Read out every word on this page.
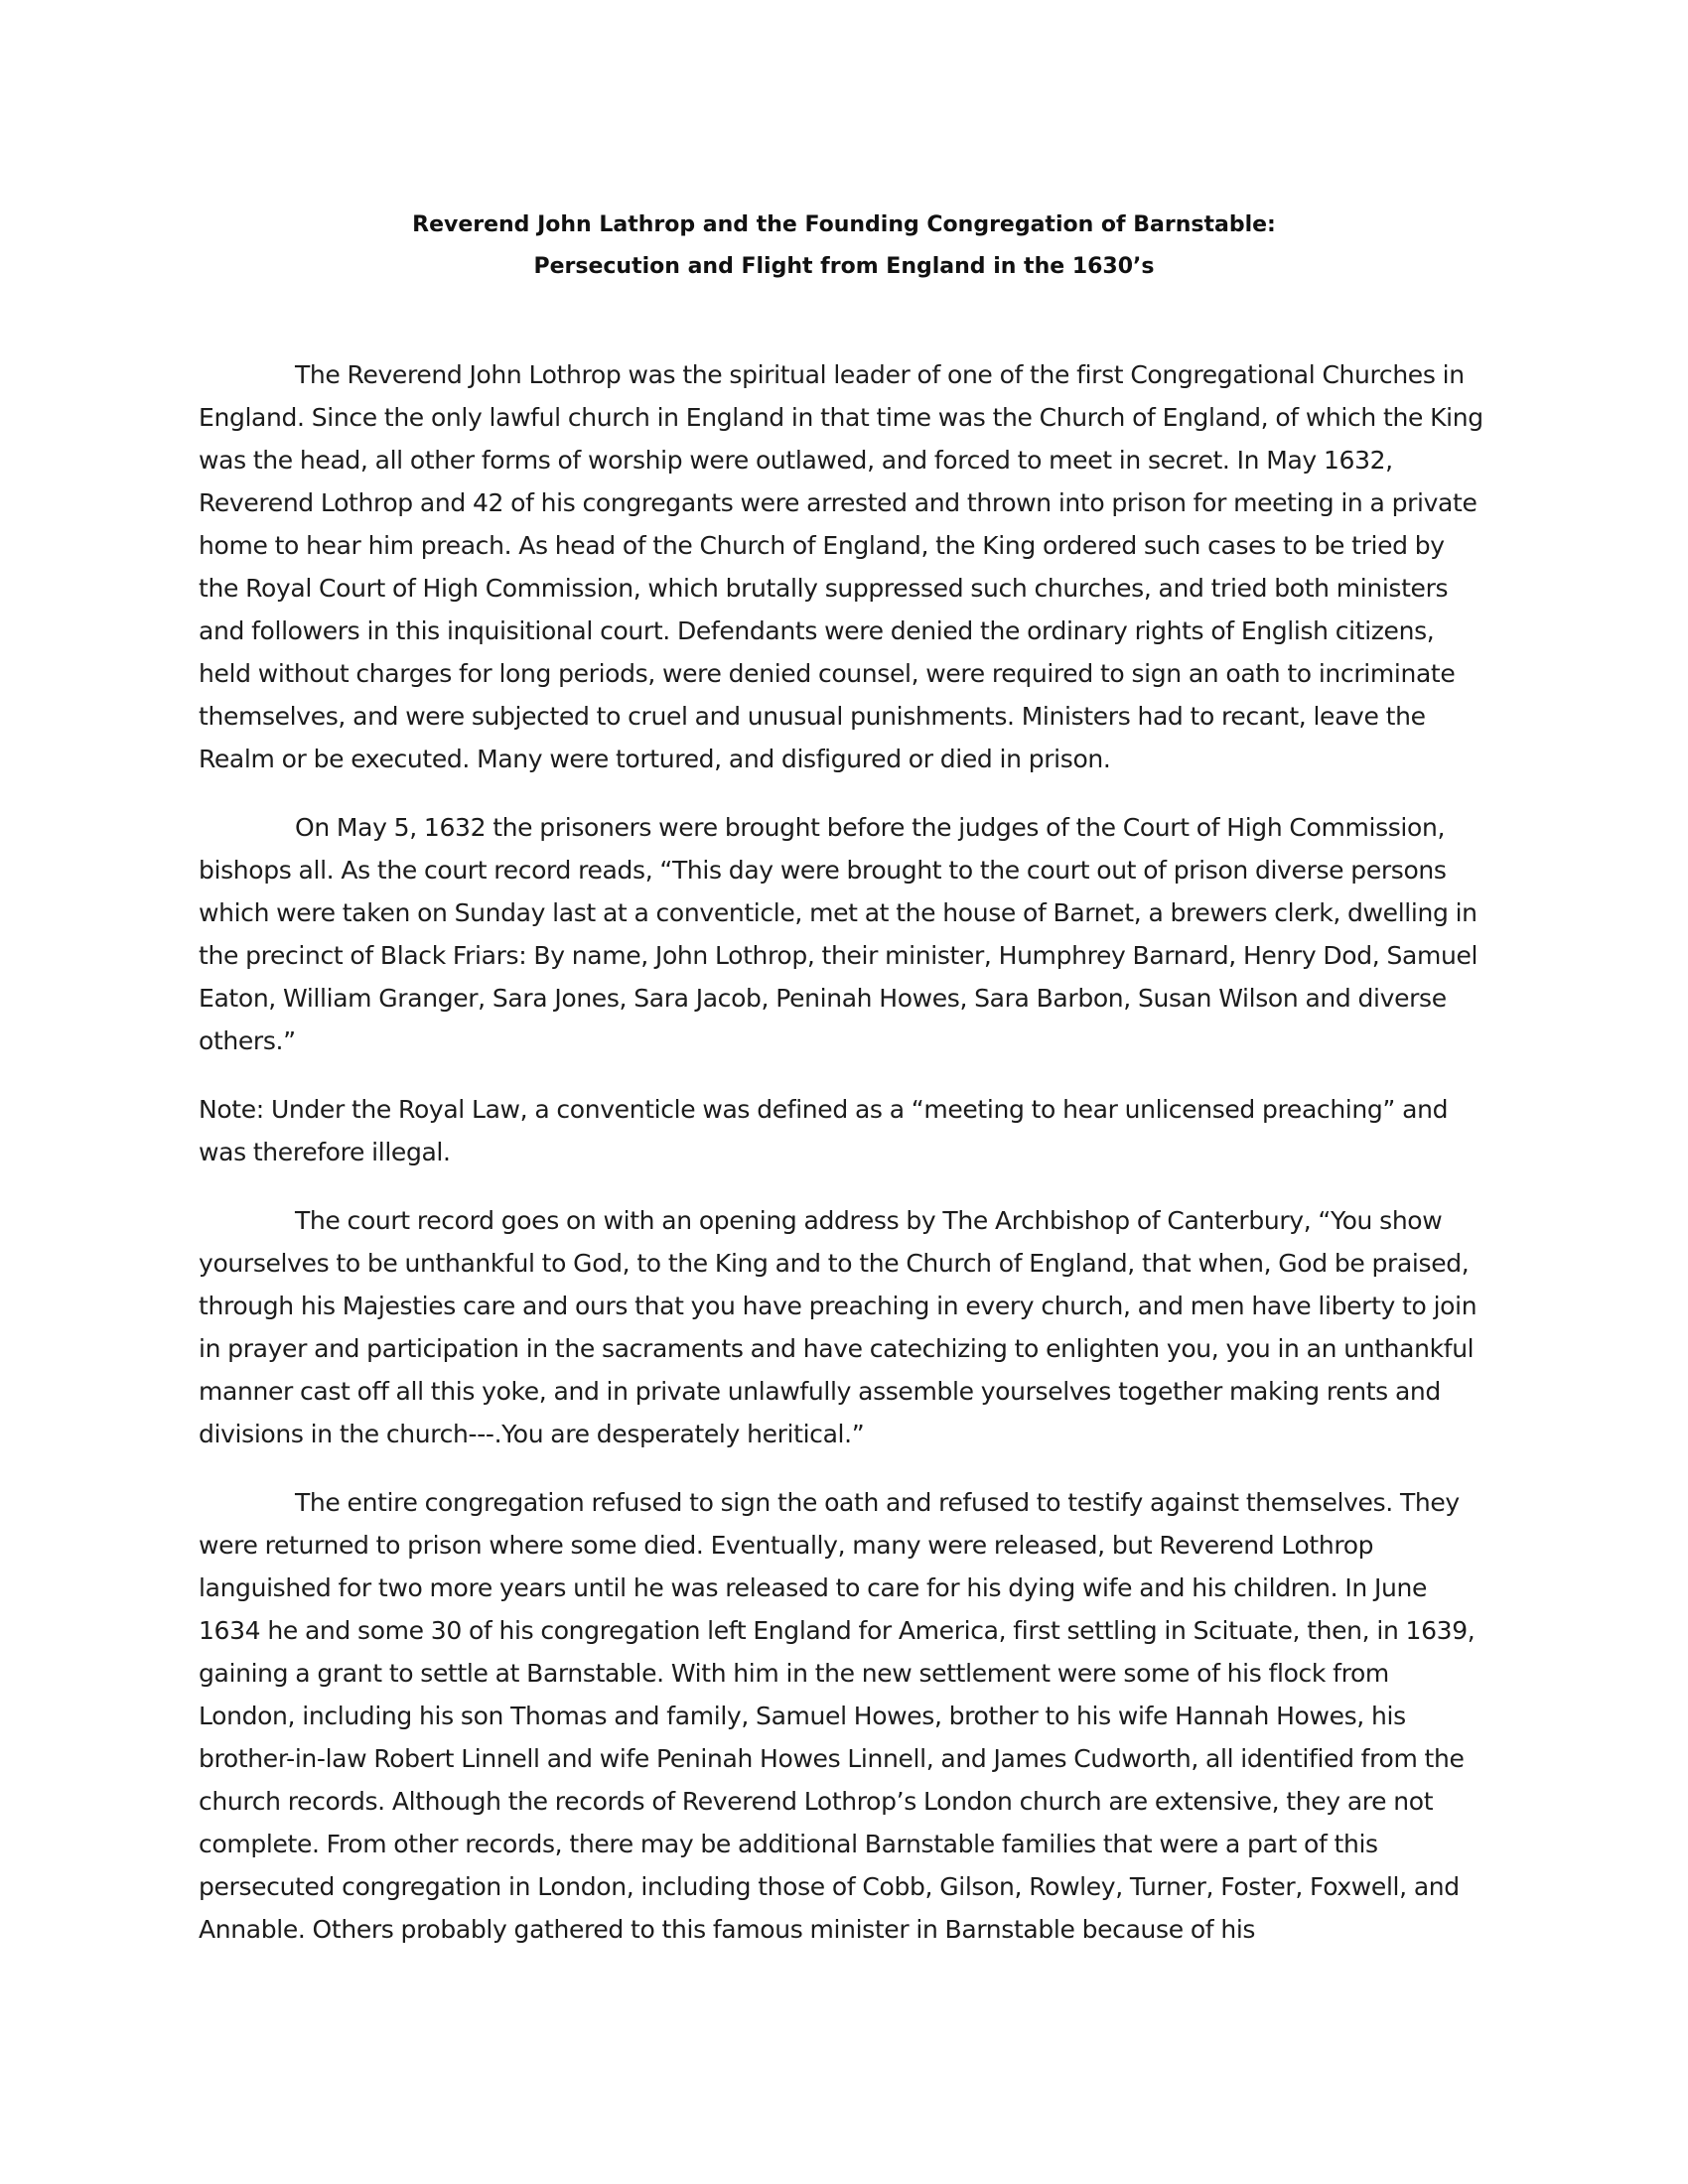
Reverend John Lathrop and the Founding Congregation of Barnstable:

Persecution and Flight from England in the 1630’s

The Reverend John Lothrop was the spiritual leader of one of the first Congregational Churches in England. Since the only lawful church in England in that time was the Church of England, of which the King was the head, all other forms of worship were outlawed, and forced to meet in secret. In May 1632, Reverend Lothrop and 42 of his congregants were arrested and thrown into prison for meeting in a private home to hear him preach. As head of the Church of England, the King ordered such cases to be tried by the Royal Court of High Commission, which brutally suppressed such churches, and tried both ministers and followers in this inquisitional court. Defendants were denied the ordinary rights of English citizens, held without charges for long periods, were denied counsel, were required to sign an oath to incriminate themselves, and were subjected to cruel and unusual punishments. Ministers had to recant, leave the Realm or be executed. Many were tortured, and disfigured or died in prison.

On May 5, 1632 the prisoners were brought before the judges of the Court of High Commission, bishops all. As the court record reads, “This day were brought to the court out of prison diverse persons which were taken on Sunday last at a conventicle, met at the house of Barnet, a brewers clerk, dwelling in the precinct of Black Friars: By name, John Lothrop, their minister, Humphrey Barnard, Henry Dod, Samuel Eaton, William Granger, Sara Jones, Sara Jacob, Peninah Howes, Sara Barbon, Susan Wilson and diverse others.”

Note: Under the Royal Law, a conventicle was defined as a “meeting to hear unlicensed preaching” and was therefore illegal.

The court record goes on with an opening address by The Archbishop of Canterbury, “You show yourselves to be unthankful to God, to the King and to the Church of England, that when, God be praised, through his Majesties care and ours that you have preaching in every church, and men have liberty to join in prayer and participation in the sacraments and have catechizing to enlighten you, you in an unthankful manner cast off all this yoke, and in private unlawfully assemble yourselves together making rents and divisions in the church---.You are desperately heritical.”

The entire congregation refused to sign the oath and refused to testify against themselves. They were returned to prison where some died. Eventually, many were released, but Reverend Lothrop languished for two more years until he was released to care for his dying wife and his children. In June 1634 he and some 30 of his congregation left England for America, first settling in Scituate, then, in 1639, gaining a grant to settle at Barnstable. With him in the new settlement were some of his flock from London, including his son Thomas and family, Samuel Howes, brother to his wife Hannah Howes, his brother-in-law Robert Linnell and wife Peninah Howes Linnell, and James Cudworth, all identified from the church records. Although the records of Reverend Lothrop’s London church are extensive, they are not complete. From other records, there may be additional Barnstable families that were a part of this persecuted congregation in London, including those of Cobb, Gilson, Rowley, Turner, Foster, Foxwell, and Annable. Others probably gathered to this famous minister in Barnstable because of his
